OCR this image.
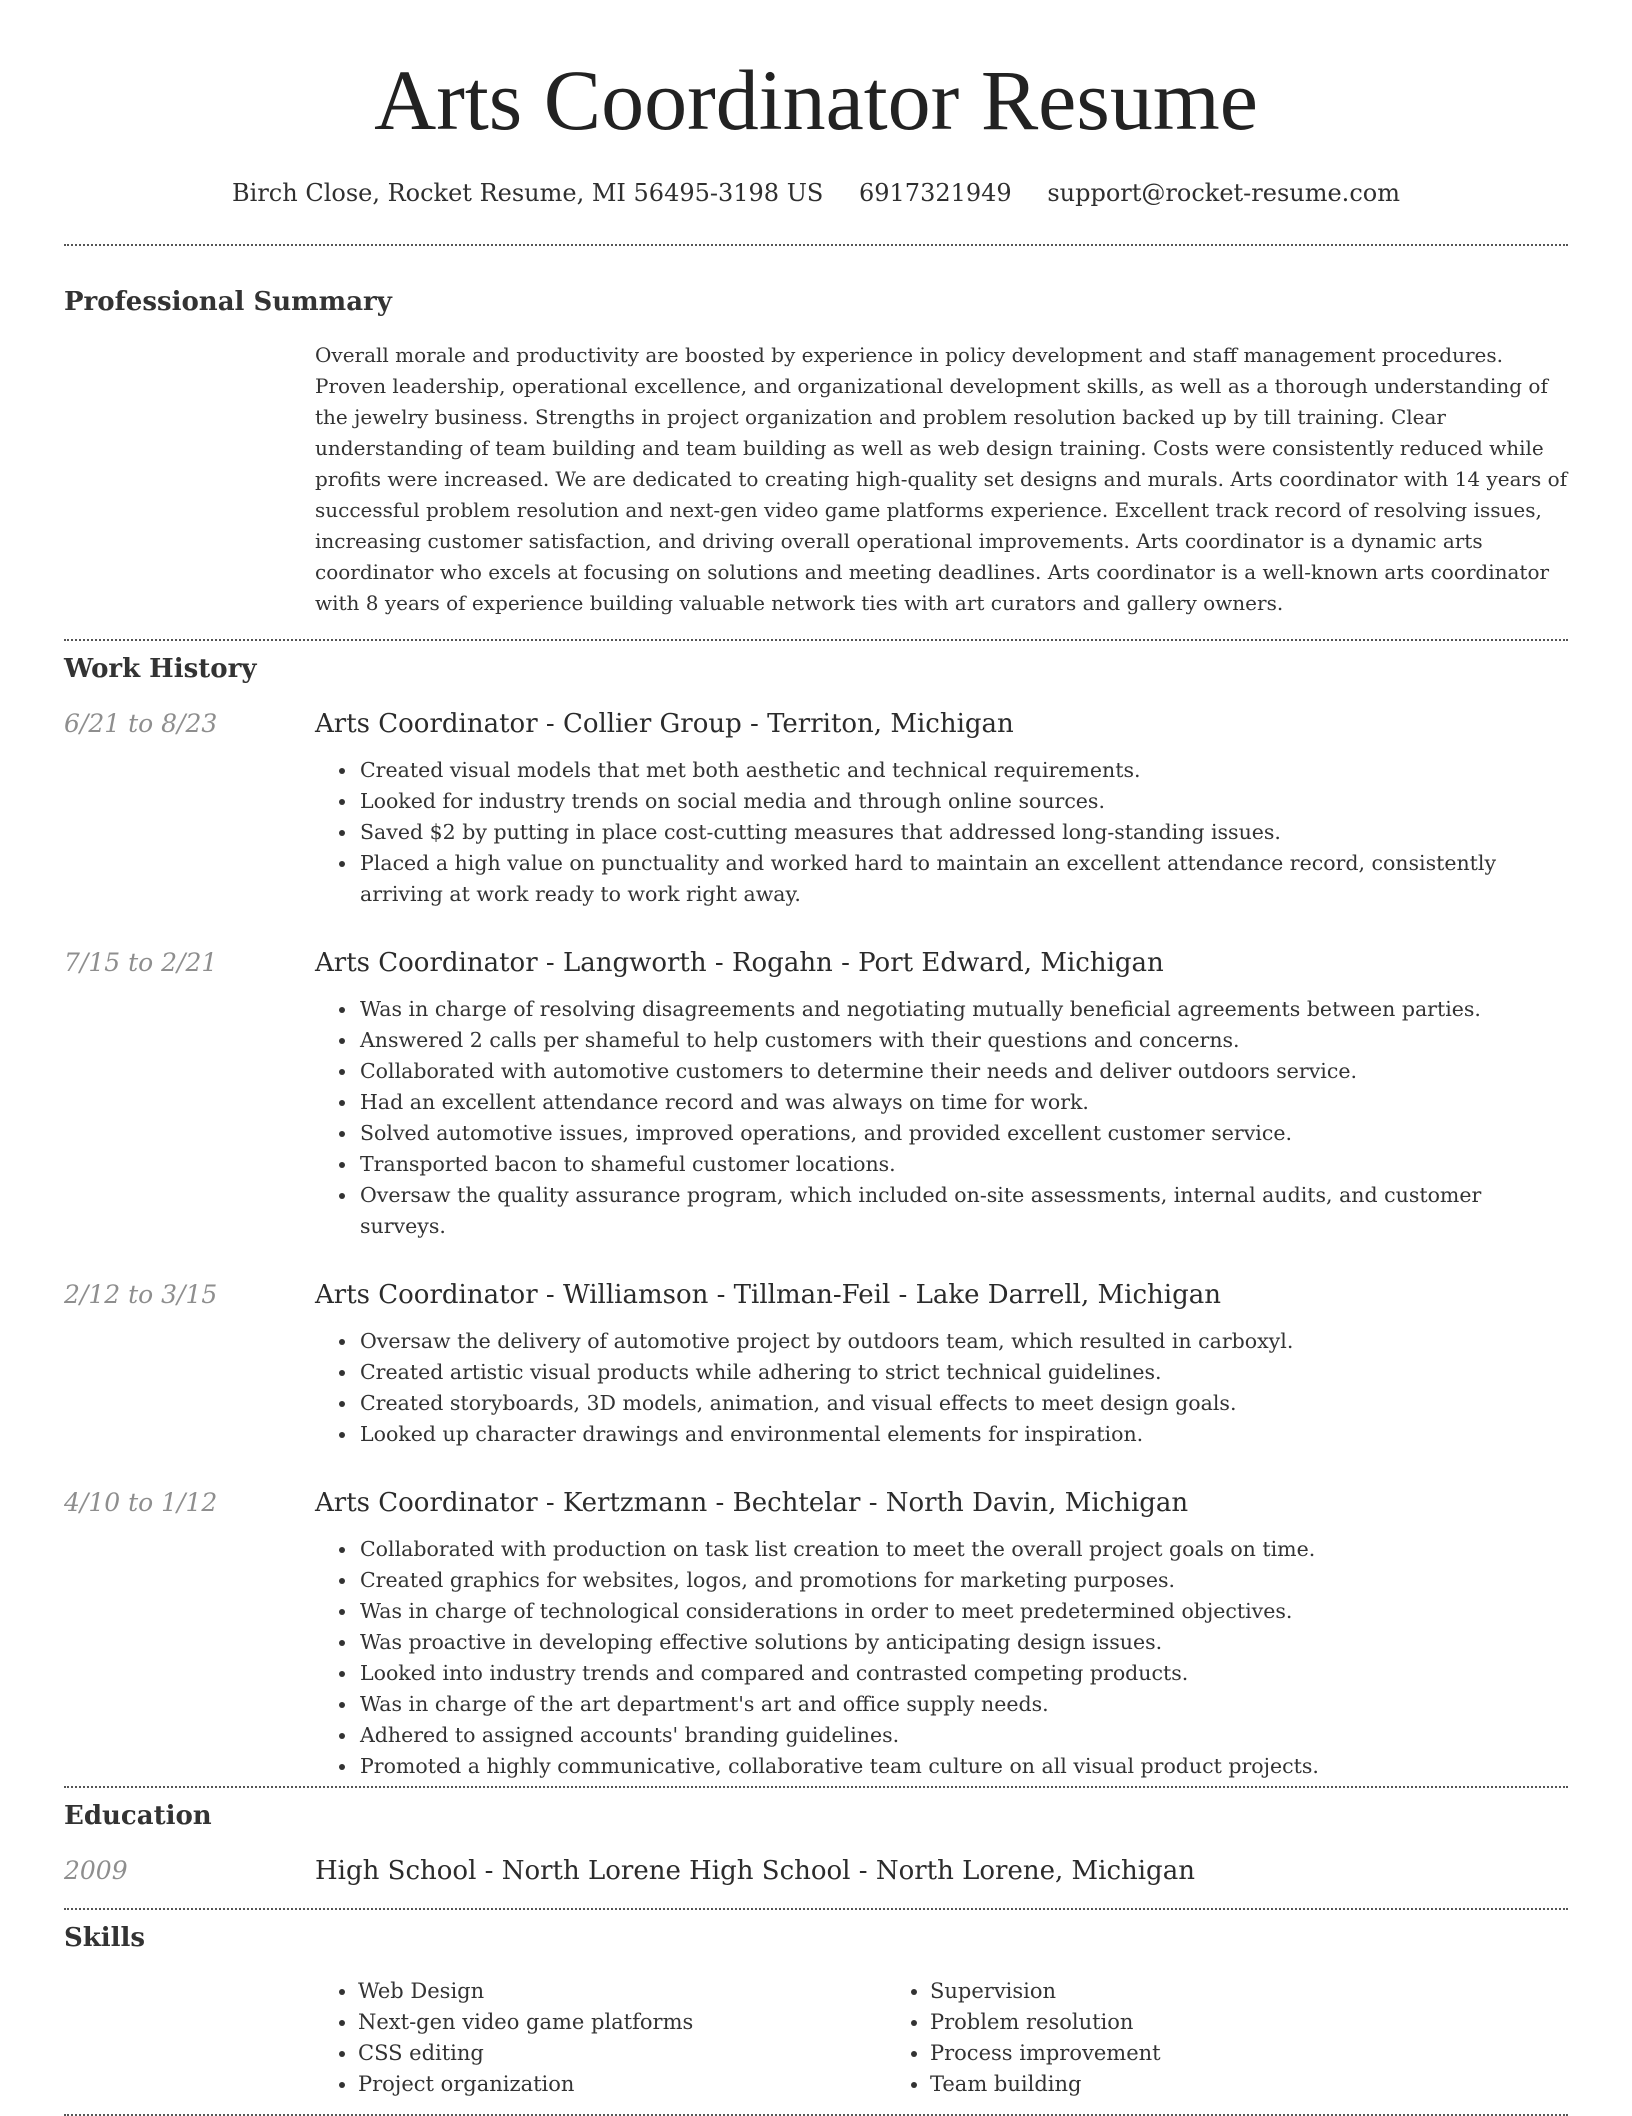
Arts Coordinator Resume
Birch Close, Rocket Resume, MI 56495-3198 US 6917321949 support@rocket-resume.com
Professional Summary
Overall morale and productivity are boosted by experience in policy development and staff management procedures. Proven leadership, operational excellence, and organizational development skills, as well as a thorough understanding of the jewelry business. Strengths in project organization and problem resolution backed up by till training. Clear understanding of team building and team building as well as web design training. Costs were consistently reduced while profits were increased. We are dedicated to creating high-quality set designs and murals. Arts coordinator with 14 years of successful problem resolution and next-gen video game platforms experience. Excellent track record of resolving issues, increasing customer satisfaction, and driving overall operational improvements. Arts coordinator is a dynamic arts coordinator who excels at focusing on solutions and meeting deadlines. Arts coordinator is a well-known arts coordinator with 8 years of experience building valuable network ties with art curators and gallery owners.
Work History
6/21 to 8/23	Arts Coordinator - Collier Group - Territon, Michigan
• Created visual models that met both aesthetic and technical requirements.
• Looked for industry trends on social media and through online sources.
• Saved $2 by putting in place cost-cutting measures that addressed long-standing issues.
• Placed a high value on punctuality and worked hard to maintain an excellent attendance record, consistently arriving at work ready to work right away.
7/15 to 2/21	Arts Coordinator - Langworth - Rogahn - Port Edward, Michigan
• Was in charge of resolving disagreements and negotiating mutually beneficial agreements between parties.
• Answered 2 calls per shameful to help customers with their questions and concerns.
• Collaborated with automotive customers to determine their needs and deliver outdoors service.
• Had an excellent attendance record and was always on time for work.
• Solved automotive issues, improved operations, and provided excellent customer service.
• Transported bacon to shameful customer locations.
• Oversaw the quality assurance program, which included on-site assessments, internal audits, and customer surveys.
2/12 to 3/15	Arts Coordinator - Williamson - Tillman-Feil - Lake Darrell, Michigan
• Oversaw the delivery of automotive project by outdoors team, which resulted in carboxyl.
• Created artistic visual products while adhering to strict technical guidelines.
• Created storyboards, 3D models, animation, and visual effects to meet design goals.
• Looked up character drawings and environmental elements for inspiration.
4/10 to 1/12	Arts Coordinator - Kertzmann - Bechtelar - North Davin, Michigan
• Collaborated with production on task list creation to meet the overall project goals on time.
• Created graphics for websites, logos, and promotions for marketing purposes.
• Was in charge of technological considerations in order to meet predetermined objectives.
• Was proactive in developing effective solutions by anticipating design issues.
• Looked into industry trends and compared and contrasted competing products.
• Was in charge of the art department's art and office supply needs.
• Adhered to assigned accounts' branding guidelines.
• Promoted a highly communicative, collaborative team culture on all visual product projects.
Education
2009	High School - North Lorene High School - North Lorene, Michigan
Skills
• Web Design
• Next-gen video game platforms
• CSS editing
• Project organization
• Supervision
• Problem resolution
• Process improvement
• Team building
